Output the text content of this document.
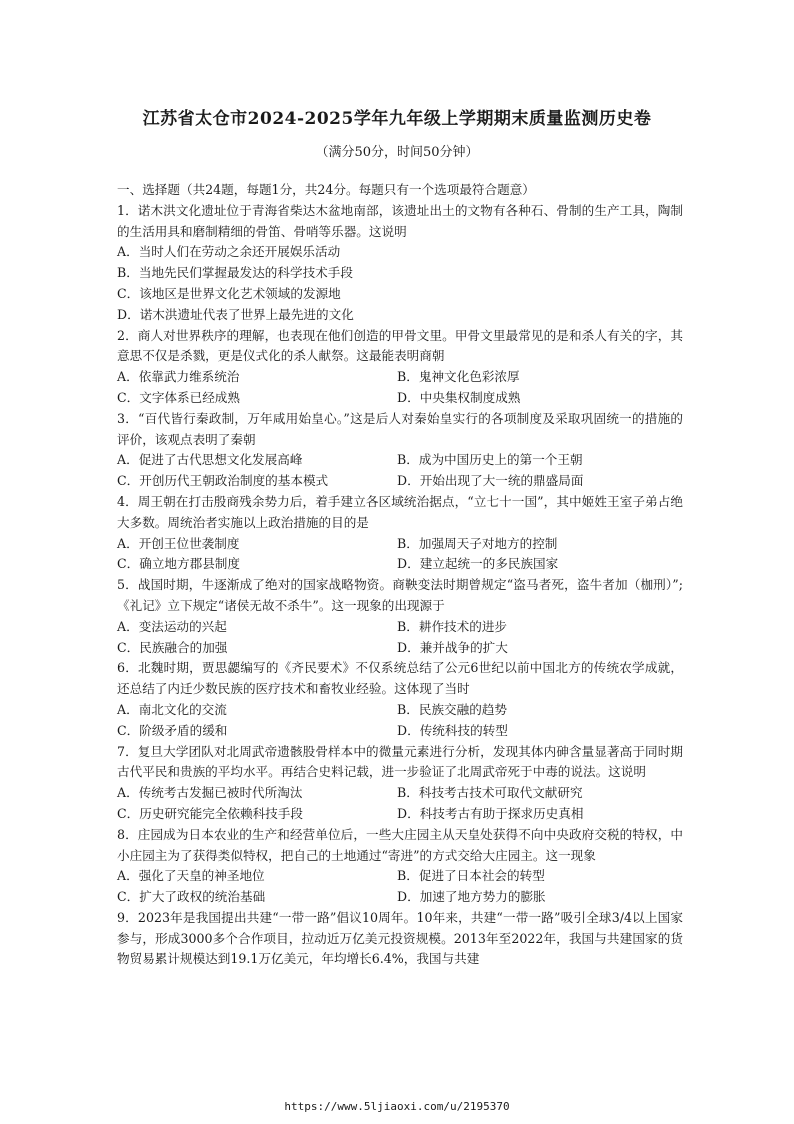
江苏省太仓市2024-2025学年九年级上学期期末质量监测历史卷
（满分50分，时间50分钟）

一、选择题（共24题，每题1分，共24分。每题只有一个选项最符合题意）

1．诺木洪文化遗址位于青海省柴达木盆地南部，该遗址出土的文物有各种石、骨制的生产工具，陶制的生活用具和磨制精细的骨笛、骨哨等乐器。这说明

A．当时人们在劳动之余还开展娱乐活动

B．当地先民们掌握最发达的科学技术手段

C．该地区是世界文化艺术领域的发源地

D．诺木洪遗址代表了世界上最先进的文化

2．商人对世界秩序的理解，也表现在他们创造的甲骨文里。甲骨文里最常见的是和杀人有关的字，其意思不仅是杀戮，更是仪式化的杀人献祭。这最能表明商朝

A．依靠武力维系统治	B．鬼神文化色彩浓厚
C．文字体系已经成熟	D．中央集权制度成熟

3．“百代皆行秦政制，万年咸用始皇心。”这是后人对秦始皇实行的各项制度及采取巩固统一的措施的评价，该观点表明了秦朝

A．促进了古代思想文化发展高峰	B．成为中国历史上的第一个王朝
C．开创历代王朝政治制度的基本模式	D．开始出现了大一统的鼎盛局面

4．周王朝在打击殷商残余势力后，着手建立各区域统治据点，“立七十一国”，其中姬姓王室子弟占绝大多数。周统治者实施以上政治措施的目的是

A．开创王位世袭制度	B．加强周天子对地方的控制
C．确立地方郡县制度	D．建立起统一的多民族国家

5．战国时期，牛逐渐成了绝对的国家战略物资。商鞅变法时期曾规定“盗马者死，盗牛者加（枷刑）”;《礼记》立下规定“诸侯无故不杀牛”。这一现象的出现源于

A．变法运动的兴起	B．耕作技术的进步
C．民族融合的加强	D．兼并战争的扩大

6．北魏时期，贾思勰编写的《齐民要术》不仅系统总结了公元6世纪以前中国北方的传统农学成就，还总结了内迁少数民族的医疗技术和畜牧业经验。这体现了当时

A．南北文化的交流	B．民族交融的趋势
C．阶级矛盾的缓和	D．传统科技的转型

7．复旦大学团队对北周武帝遗骸股骨样本中的微量元素进行分析，发现其体内砷含量显著高于同时期古代平民和贵族的平均水平。再结合史料记载，进一步验证了北周武帝死于中毒的说法。这说明

A．传统考古发掘已被时代所淘汰	B．科技考古技术可取代文献研究
C．历史研究能完全依赖科技手段	D．科技考古有助于探求历史真相

8．庄园成为日本农业的生产和经营单位后，一些大庄园主从天皇处获得不向中央政府交税的特权，中小庄园主为了获得类似特权，把自己的土地通过“寄进”的方式交给大庄园主。这一现象

A．强化了天皇的神圣地位	B．促进了日本社会的转型
C．扩大了政权的统治基础	D．加速了地方势力的膨胀

9．2023年是我国提出共建“一带一路”倡议10周年。10年来，共建“一带一路”吸引全球3/4以上国家参与，形成3000多个合作项目，拉动近万亿美元投资规模。2013年至2022年，我国与共建国家的货物贸易累计规模达到19.1万亿美元，年均增长6.4%，我国与共建

https://www.5ljiaoxi.com/u/2195370
